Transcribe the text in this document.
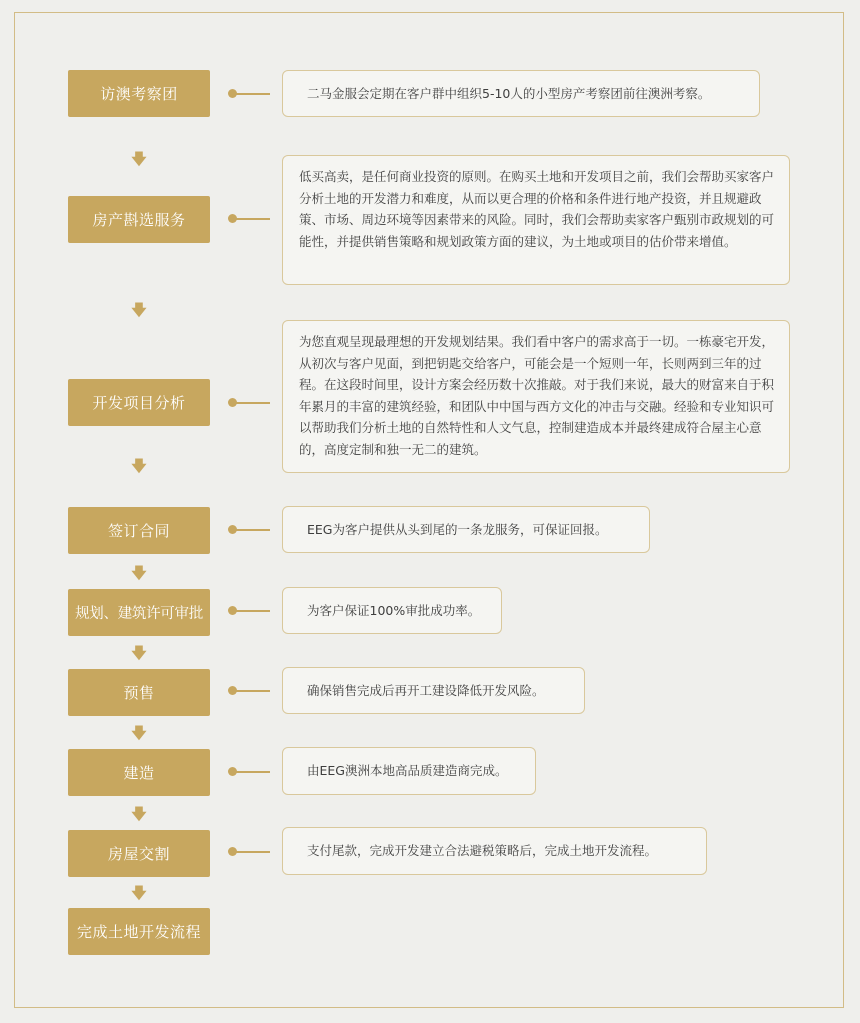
访澳考察团	二马金服会定期在客户群中组织5-10人的小型房产考察团前往澳洲考察。
🡇
房产斟选服务
低买高卖，是任何商业投资的原则。在购买土地和开发项目之前，我们会帮助买家客户分析土地的开发潜力和难度，从而以更合理的价格和条件进行地产投资，并且规避政策、市场、周边环境等因素带来的风险。同时，我们会帮助卖家客户甄别市政规划的可能性，并提供销售策略和规划政策方面的建议，为土地或项目的估价带来增值。
🡇
开发项目分析
为您直观呈现最理想的开发规划结果。我们看中客户的需求高于一切。一栋豪宅开发，从初次与客户见面，到把钥匙交给客户，可能会是一个短则一年，长则两到三年的过程。在这段时间里，设计方案会经历数十次推敲。对于我们来说，最大的财富来自于积年累月的丰富的建筑经验，和团队中中国与西方文化的冲击与交融。经验和专业知识可以帮助我们分析土地的自然特性和人文气息，控制建造成本并最终建成符合屋主心意的，高度定制和独一无二的建筑。
🡇
签订合同	EEG为客户提供从头到尾的一条龙服务，可保证回报。
🡇
规划、建筑许可审批	为客户保证100%审批成功率。
🡇
预售	确保销售完成后再开工建设降低开发风险。
🡇
建造	由EEG澳洲本地高品质建造商完成。
🡇
房屋交割	支付尾款，完成开发建立合法避税策略后，完成土地开发流程。
🡇
完成土地开发流程
